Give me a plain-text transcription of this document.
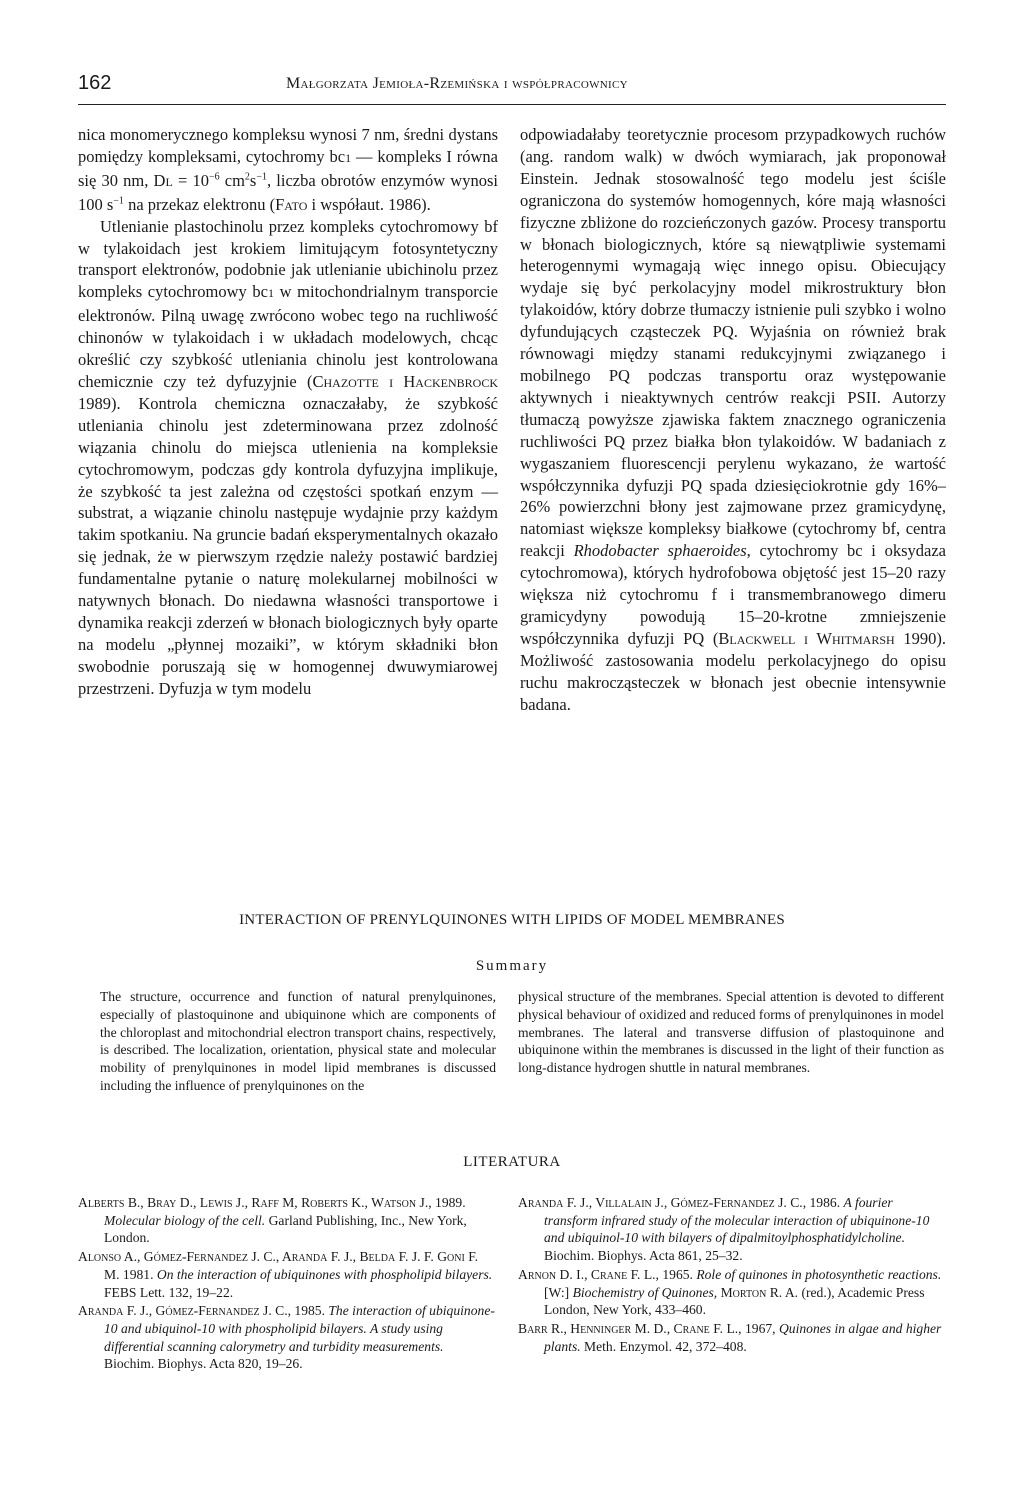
162	Małgorzata Jemioła-Rzemińska i współpracownicy

nica monomerycznego kompleksu wynosi 7 nm, średni dystans pomiędzy kompleksami, cytochromy bc1 — kompleks I równa się 30 nm, DL = $10^{-6}$ $cm^2s^{-1}$, liczba obrotów enzymów wynosi 100 $s^{-1}$ na przekaz elektronu (Fato i współaut. 1986).

Utlenianie plastochinolu przez kompleks cytochromowy bf w tylakoidach jest krokiem limitującym fotosyntetyczny transport elektronów, podobnie jak utlenianie ubichinolu przez kompleks cytochromowy bc1 w mitochondrialnym transporcie elektronów. Pilną uwagę zwrócono wobec tego na ruchliwość chinonów w tylakoidach i w układach modelowych, chcąc określić czy szybkość utleniania chinolu jest kontrolowana chemicznie czy też dyfuzyjnie (Chazotte i Hackenbrock 1989). Kontrola chemiczna oznaczałaby, że szybkość utleniania chinolu jest zdeterminowana przez zdolność wiązania chinolu do miejsca utlenienia na kompleksie cytochromowym, podczas gdy kontrola dyfuzyjna implikuje, że szybkość ta jest zależna od częstości spotkań enzym — substrat, a wiązanie chinolu następuje wydajnie przy każdym takim spotkaniu. Na gruncie badań eksperymentalnych okazało się jednak, że w pierwszym rzędzie należy postawić bardziej fundamentalne pytanie o naturę molekularnej mobilności w natywnych błonach. Do niedawna własności transportowe i dynamika reakcji zderzeń w błonach biologicznych były oparte na modelu „płynnej mozaiki”, w którym składniki błon swobodnie poruszają się w homogennej dwuwymiarowej przestrzeni. Dyfuzja w tym modelu

odpowiadałaby teoretycznie procesom przypadkowych ruchów (ang. random walk) w dwóch wymiarach, jak proponował Einstein. Jednak stosowalność tego modelu jest ściśle ograniczona do systemów homogennych, kóre mają własności fizyczne zbliżone do rozcieńczonych gazów. Procesy transportu w błonach biologicznych, które są niewątpliwie systemami heterogennymi wymagają więc innego opisu. Obiecujący wydaje się być perkolacyjny model mikrostruktury błon tylakoidów, który dobrze tłumaczy istnienie puli szybko i wolno dyfundujących cząsteczek PQ. Wyjaśnia on również brak równowagi między stanami redukcyjnymi związanego i mobilnego PQ podczas transportu oraz występowanie aktywnych i nieaktywnych centrów reakcji PSII. Autorzy tłumaczą powyższe zjawiska faktem znacznego ograniczenia ruchliwości PQ przez białka błon tylakoidów. W badaniach z wygaszaniem fluorescencji perylenu wykazano, że wartość współczynnika dyfuzji PQ spada dziesięciokrotnie gdy 16%–26% powierzchni błony jest zajmowane przez gramicydynę, natomiast większe kompleksy białkowe (cytochromy bf, centra reakcji Rhodobacter sphaeroides, cytochromy bc i oksydaza cytochromowa), których hydrofobowa objętość jest 15–20 razy większa niż cytochromu f i transmembranowego dimeru gramicydyny powodują 15–20-krotne zmniejszenie współczynnika dyfuzji PQ (Blackwell i Whitmarsh 1990). Możliwość zastosowania modelu perkolacyjnego do opisu ruchu makrocząsteczek w błonach jest obecnie intensywnie badana.

INTERACTION OF PRENYLQUINONES WITH LIPIDS OF MODEL MEMBRANES
Summary

The structure, occurrence and function of natural prenylquinones, especially of plastoquinone and ubiquinone which are components of the chloroplast and mitochondrial electron transport chains, respectively, is described. The localization, orientation, physical state and molecular mobility of prenylquinones in model lipid membranes is discussed including the influence of prenylquinones on the

physical structure of the membranes. Special attention is devoted to different physical behaviour of oxidized and reduced forms of prenylquinones in model membranes. The lateral and transverse diffusion of plastoquinone and ubiquinone within the membranes is discussed in the light of their function as long-distance hydrogen shuttle in natural membranes.

LITERATURA

Alberts B., Bray D., Lewis J., Raff M, Roberts K., Watson J., 1989. Molecular biology of the cell. Garland Publishing, Inc., New York, London.

Alonso A., Gómez-Fernandez J. C., Aranda F. J., Belda F. J. F. Goni F. M. 1981. On the interaction of ubiquinones with phospholipid bilayers. FEBS Lett. 132, 19–22.

Aranda F. J., Gómez-Fernandez J. C., 1985. The interaction of ubiquinone-10 and ubiquinol-10 with phospholipid bilayers. A study using differential scanning calorymetry and turbidity measurements. Biochim. Biophys. Acta 820, 19–26.

Aranda F. J., Villalain J., Gómez-Fernandez J. C., 1986. A fourier transform infrared study of the molecular interaction of ubiquinone-10 and ubiquinol-10 with bilayers of dipalmitoylphosphatidylcholine. Biochim. Biophys. Acta 861, 25–32.

Arnon D. I., Crane F. L., 1965. Role of quinones in photosynthetic reactions. [W:] Biochemistry of Quinones, Morton R. A. (red.), Academic Press London, New York, 433–460.

Barr R., Henninger M. D., Crane F. L., 1967, Quinones in algae and higher plants. Meth. Enzymol. 42, 372–408.
